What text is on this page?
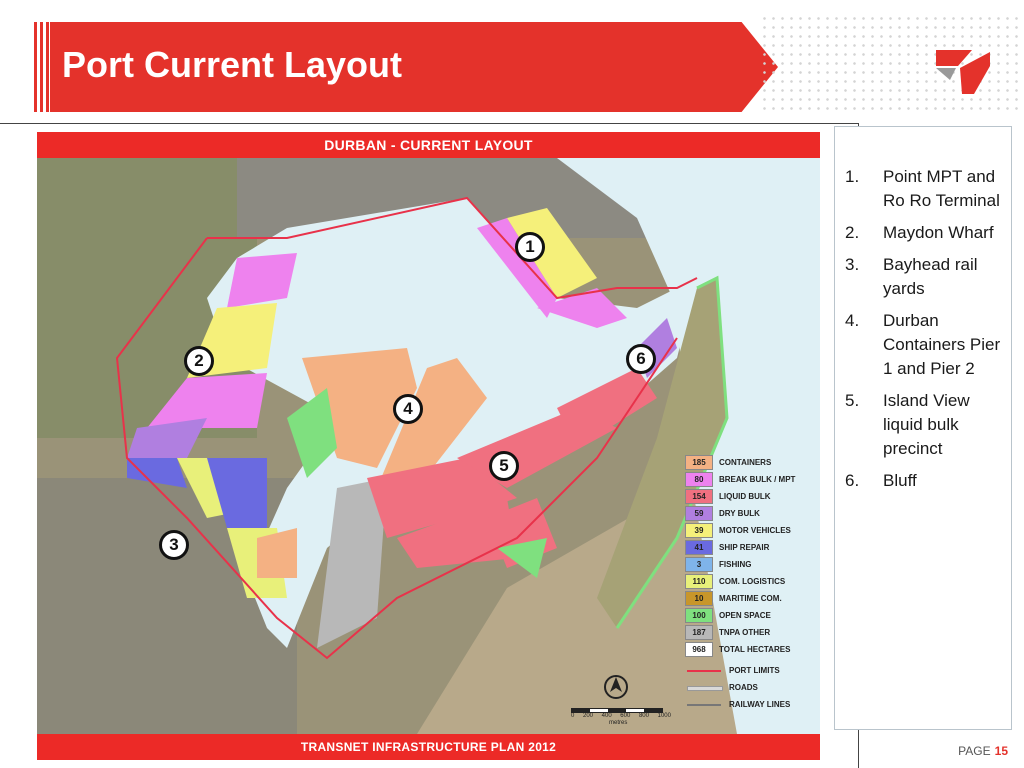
Port Current Layout
DURBAN - CURRENT LAYOUT
1
2
3
4
5
6
185	CONTAINERS
80	BREAK BULK / MPT
154	LIQUID BULK
59	DRY BULK
39	MOTOR VEHICLES
41	SHIP REPAIR
3	FISHING
110	COM. LOGISTICS
10	MARITIME COM.
100	OPEN SPACE
187	TNPA OTHER
968	TOTAL HECTARES
PORT LIMITS
ROADS
RAILWAY LINES
0 200 400 600 800 1000
metres
TRANSNET INFRASTRUCTURE PLAN 2012
1. Point MPT and Ro Ro Terminal
2. Maydon Wharf
3. Bayhead rail yards
4. Durban Containers Pier 1 and Pier 2
5. Island View liquid bulk precinct
6. Bluff
PAGE 15
